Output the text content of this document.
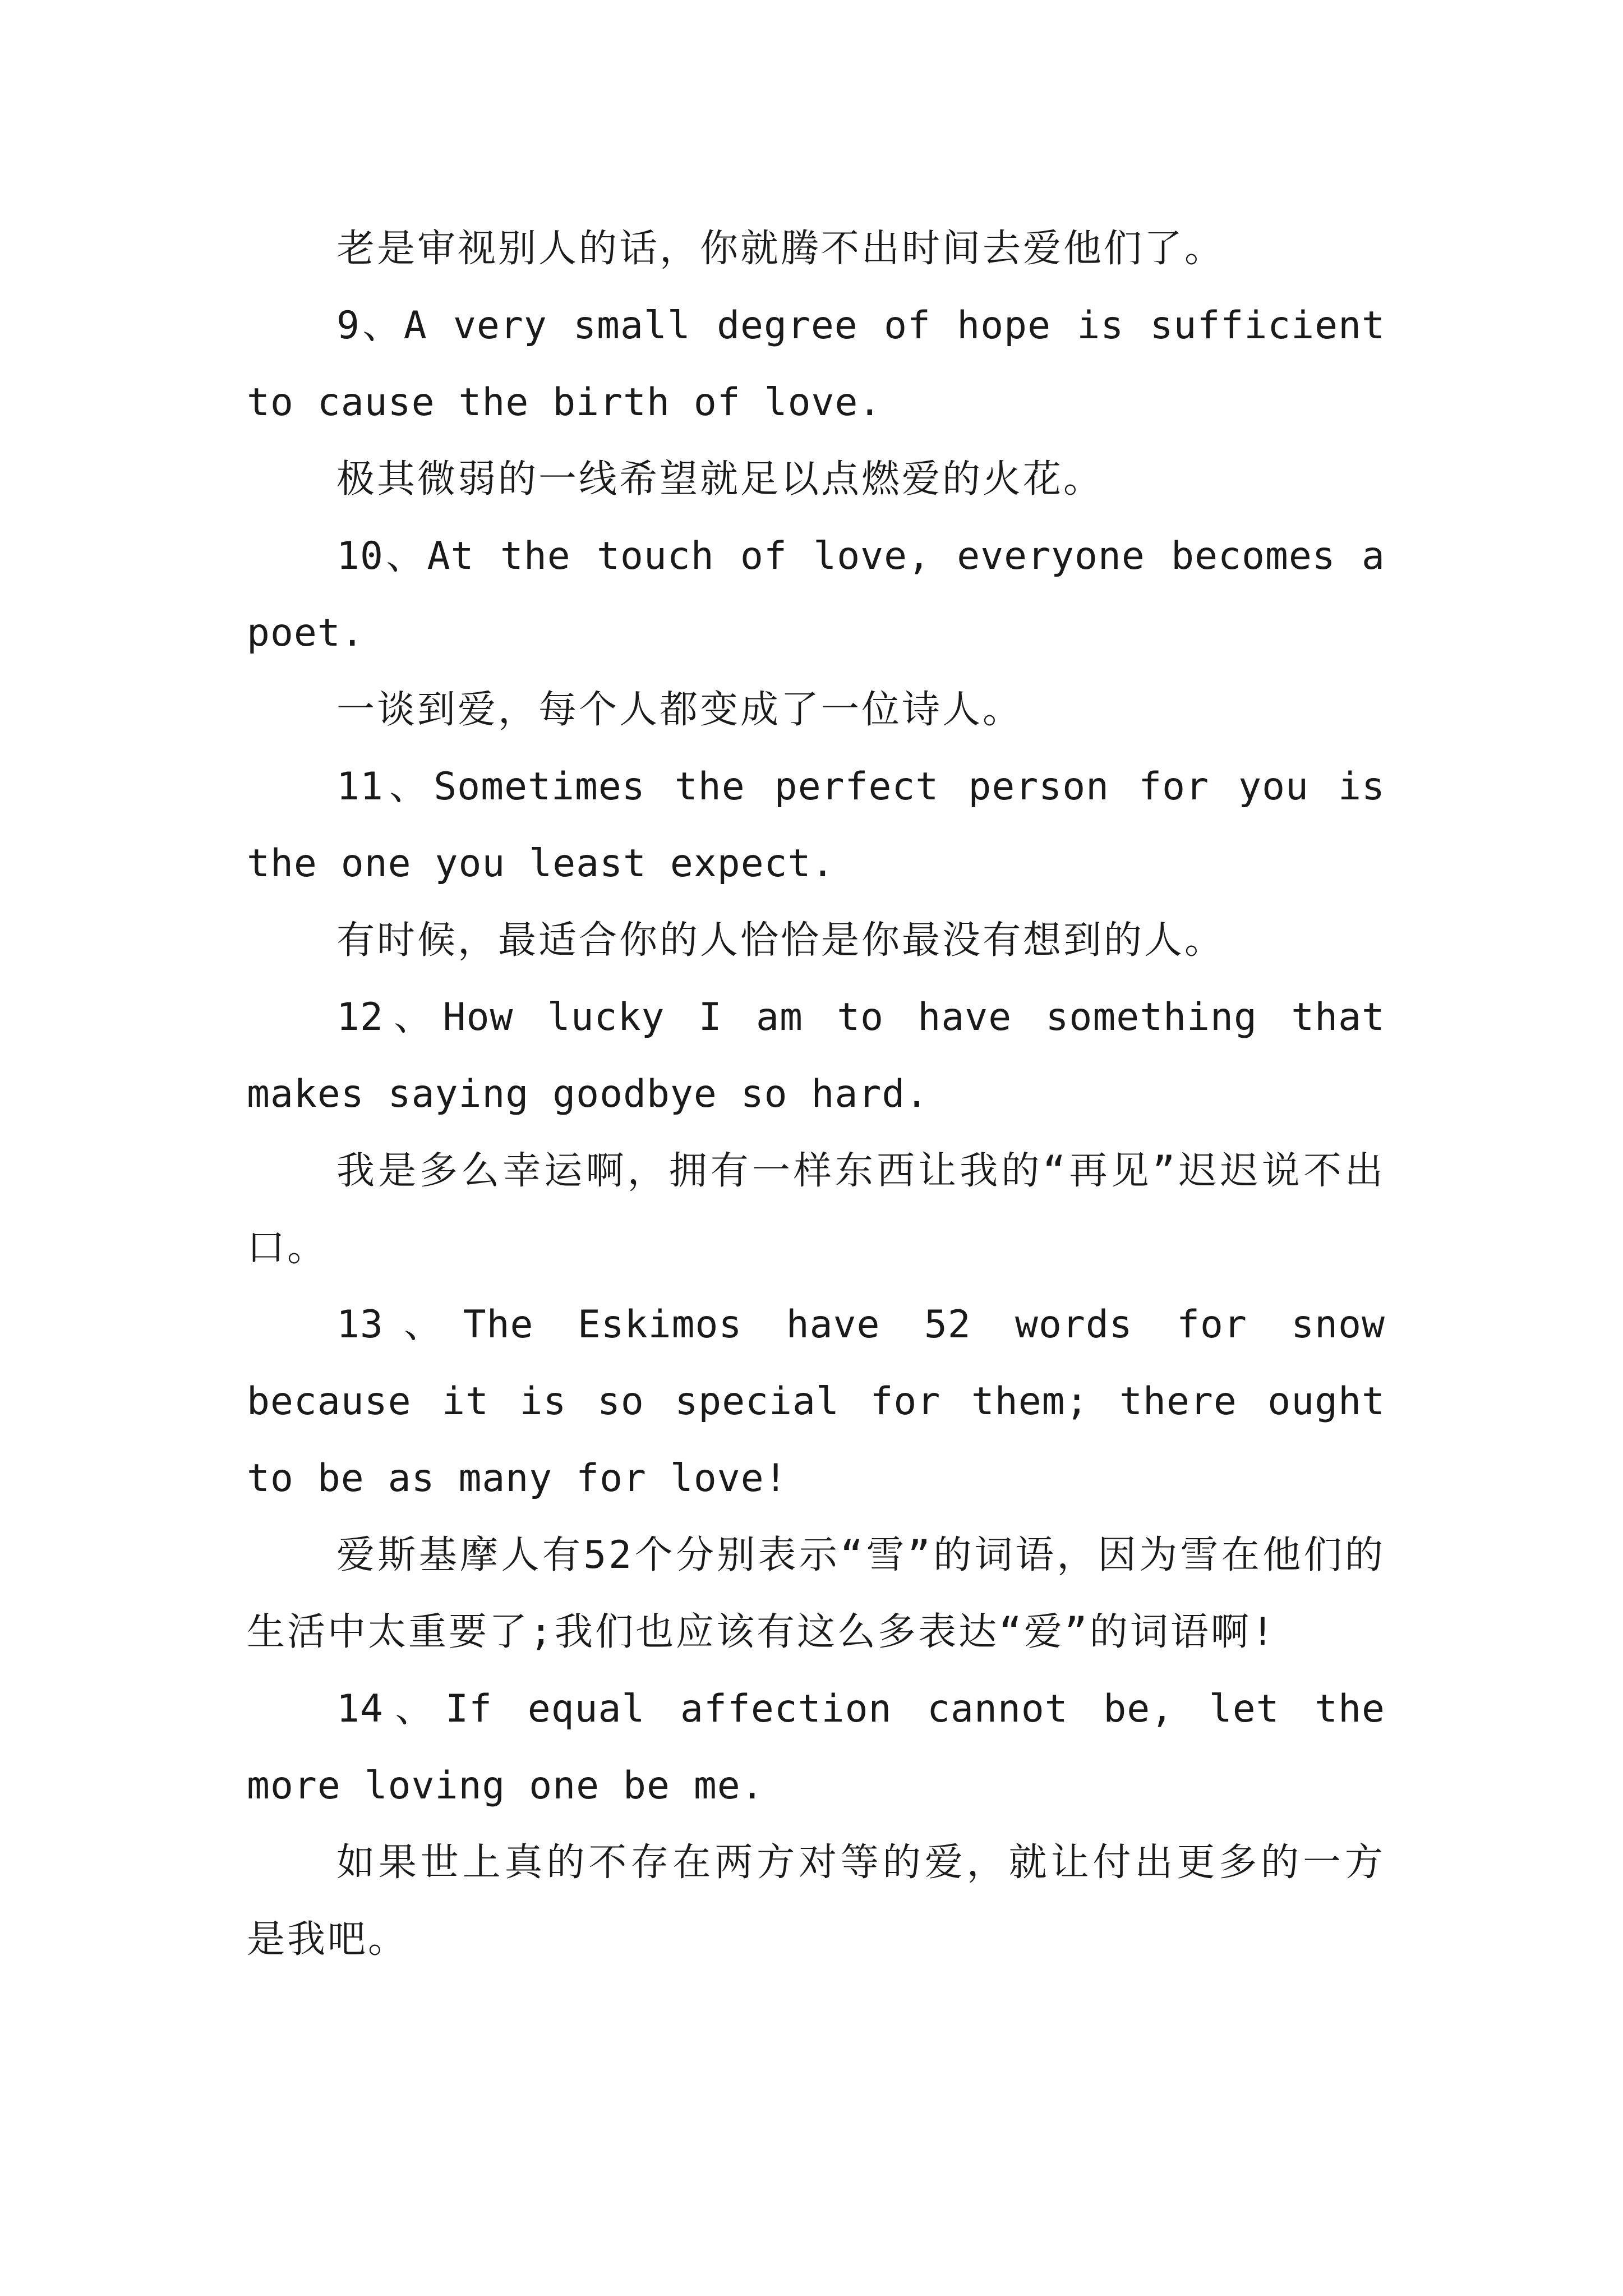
老是审视别人的话，你就腾不出时间去爱他们了。

9、A very small degree of hope is sufficient to cause the birth of love.

极其微弱的一线希望就足以点燃爱的火花。

10、At the touch of love, everyone becomes a poet.

一谈到爱，每个人都变成了一位诗人。

11、Sometimes the perfect person for you is the one you least expect.

有时候，最适合你的人恰恰是你最没有想到的人。

12、How lucky I am to have something that makes saying goodbye so hard.

我是多么幸运啊，拥有一样东西让我的“再见”迟迟说不出口。

13、The Eskimos have 52 words for snow because it is so special for them; there ought to be as many for love!

爱斯基摩人有52个分别表示“雪”的词语，因为雪在他们的生活中太重要了;我们也应该有这么多表达“爱”的词语啊!

14、If equal affection cannot be, let the more loving one be me.

如果世上真的不存在两方对等的爱，就让付出更多的一方是我吧。
